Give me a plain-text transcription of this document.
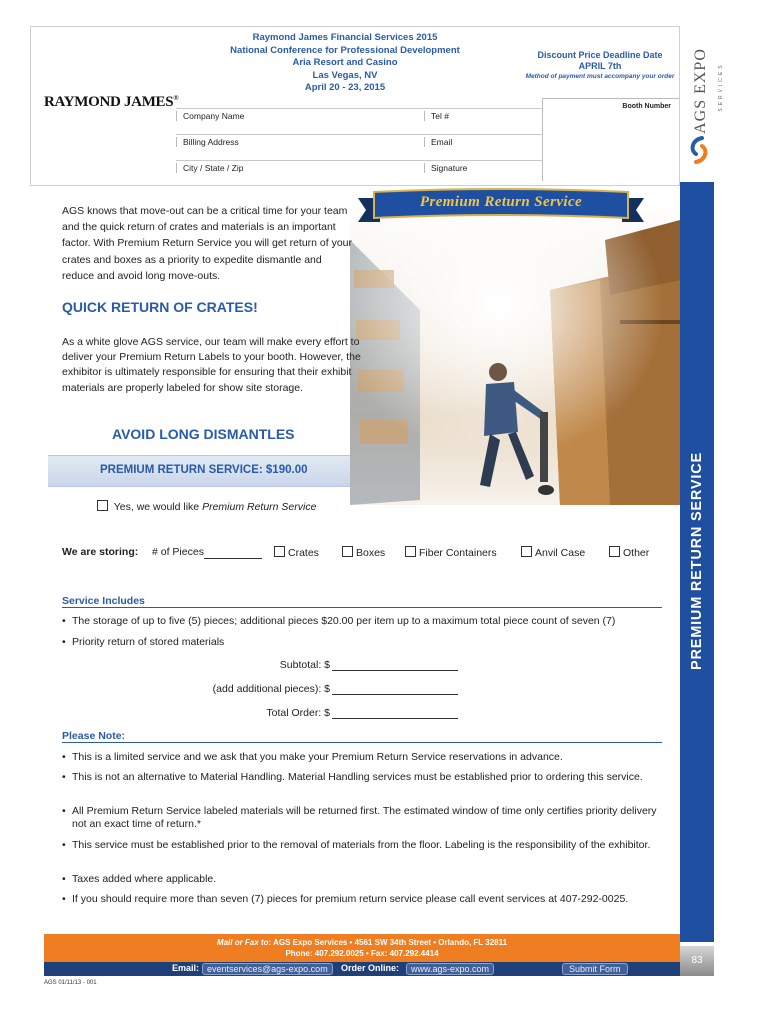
Raymond James Financial Services 2015
National Conference for Professional Development
Aria Resort and Casino
Las Vegas, NV
April 20 - 23, 2015
RAYMOND JAMES®
Discount Price Deadline Date
APRIL 7th
Method of payment must accompany your order
Booth Number
Company Name	Tel #
Billing Address	Email
City / State / Zip	Signature
AGS EXPO SERVICES
PREMIUM RETURN SERVICE
Premium Return Service
AGS knows that move-out can be a critical time for your team and the quick return of crates and materials is an important factor. With Premium Return Service you will get return of your crates and boxes as a priority to expedite dismantle and reduce and avoid long move-outs.
QUICK RETURN OF CRATES!
As a white glove AGS service, our team will make every effort to deliver your Premium Return Labels to your booth. However, the exhibitor is ultimately responsible for ensuring that their exhibit materials are properly labeled for show site storage.
AVOID LONG DISMANTLES
PREMIUM RETURN SERVICE: $190.00
Yes, we would like Premium Return Service
We are storing: # of Pieces	Crates	Boxes	Fiber Containers	Anvil Case	Other
Service Includes
• The storage of up to five (5) pieces; additional pieces $20.00 per item up to a maximum total piece count of seven (7)
• Priority return of stored materials
Subtotal: $
(add additional pieces): $
Total Order: $
Please Note:
• This is a limited service and we ask that you make your Premium Return Service reservations in advance.
• This is not an alternative to Material Handling. Material Handling services must be established prior to ordering this service.
• All Premium Return Service labeled materials will be returned first. The estimated window of time only certifies priority delivery not an exact time of return.*
• This service must be established prior to the removal of materials from the floor. Labeling is the responsibility of the exhibitor.
• Taxes added where applicable.
• If you should require more than seven (7) pieces for premium return service please call event services at 407-292-0025.
Mail or Fax to: AGS Expo Services • 4561 SW 34th Street • Orlando, FL 32811
Phone: 407.292.0025 • Fax: 407.292.4414
Email: eventservices@ags-expo.com	Order Online:	www.ags-expo.com	Submit Form
83
AGS 01/11/13 - 001
